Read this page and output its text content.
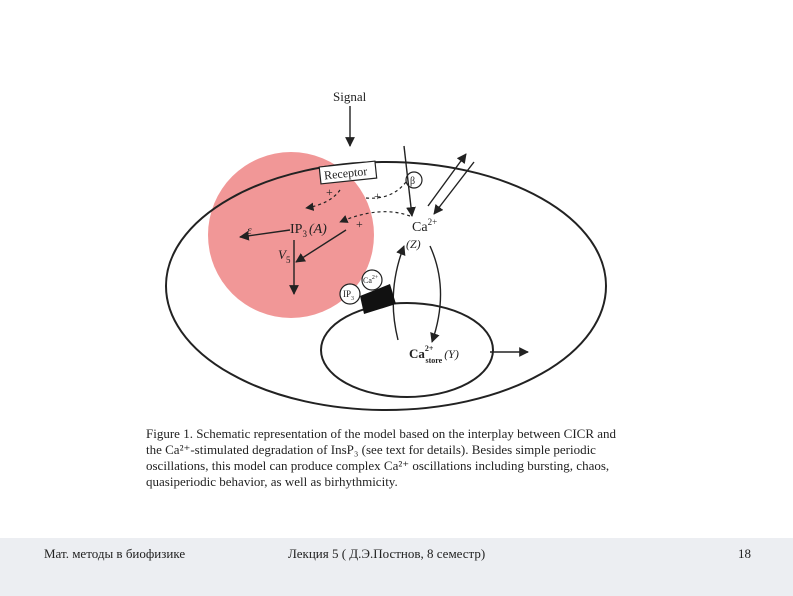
Signal
Receptor	β
+	+
+
ε	$IP_3$ (A)
$V_5$
$Ca^{2+}$
(Z)
$IP_3$
$Ca^{2+}$
$Ca^{2+}$ store (Y)
Figure 1. Schematic representation of the model based on the interplay between CICR and
the Ca²⁺-stimulated degradation of InsP₃ (see text for details). Besides simple periodic
oscillations, this model can produce complex Ca²⁺ oscillations including bursting, chaos,
quasiperiodic behavior, as well as birhythmicity.
Мат. методы в биофизике	Лекция 5 ( Д.Э.Постнов, 8 семестр)	18
